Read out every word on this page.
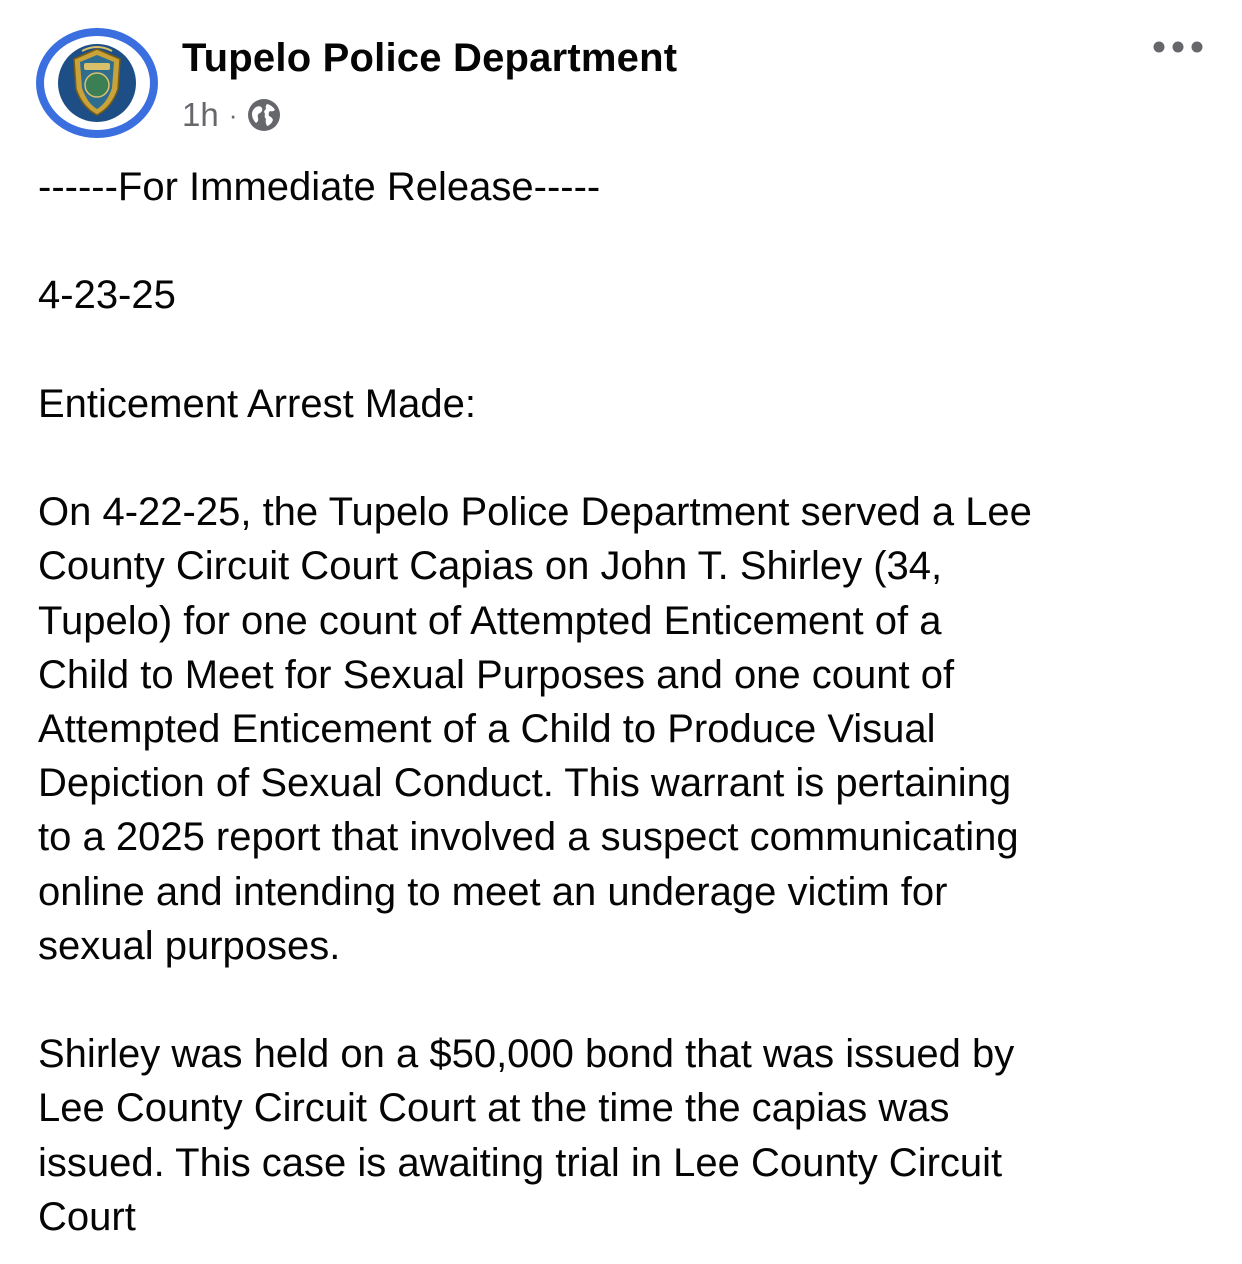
Tupelo Police Department
1h ·
------For Immediate Release-----

4-23-25

Enticement Arrest Made:

On 4-22-25, the Tupelo Police Department served a Lee
County Circuit Court Capias on John T. Shirley (34,
Tupelo) for one count of Attempted Enticement of a
Child to Meet for Sexual Purposes and one count of
Attempted Enticement of a Child to Produce Visual
Depiction of Sexual Conduct. This warrant is pertaining
to a 2025 report that involved a suspect communicating
online and intending to meet an underage victim for
sexual purposes.

Shirley was held on a $50,000 bond that was issued by
Lee County Circuit Court at the time the capias was
issued. This case is awaiting trial in Lee County Circuit
Court
